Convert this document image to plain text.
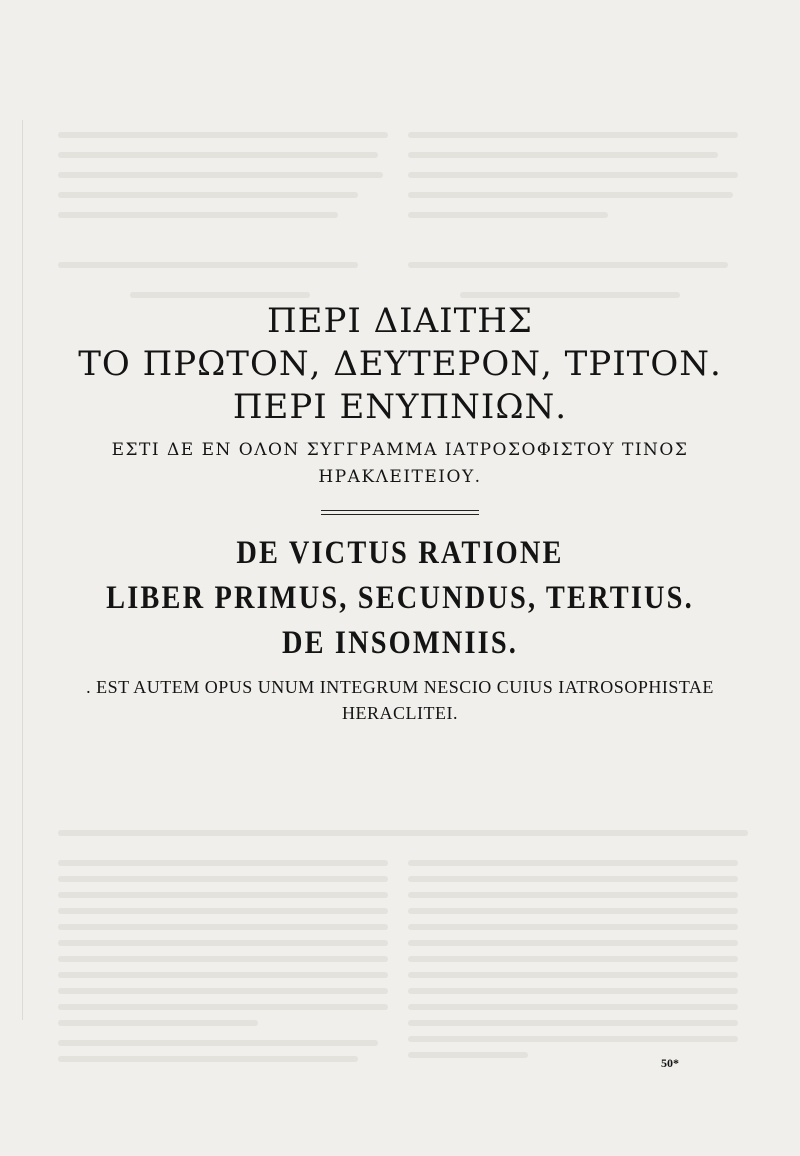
ΠΕΡΙ ΔΙΑΙΤΗΣ
ΤΟ ΠΡΩΤΟΝ, ΔΕΥΤΕΡΟΝ, ΤΡΙΤΟΝ.
ΠΕΡΙ ΕΝΥΠΝΙΩΝ.

ΕΣΤΙ ΔΕ ΕΝ ΟΛΟΝ ΣΥΓΓΡΑΜΜΑ ΙΑΤΡΟΣΟΦΙΣΤΟΥ ΤΙΝΟΣ
ΗΡΑΚΛΕΙΤΕΙΟΥ.

DE VICTUS RATIONE
LIBER PRIMUS, SECUNDUS, TERTIUS.
DE INSOMNIIS.

. EST AUTEM OPUS UNUM INTEGRUM NESCIO CUIUS IATROSOPHISTAE
HERACLITEI.

50*
